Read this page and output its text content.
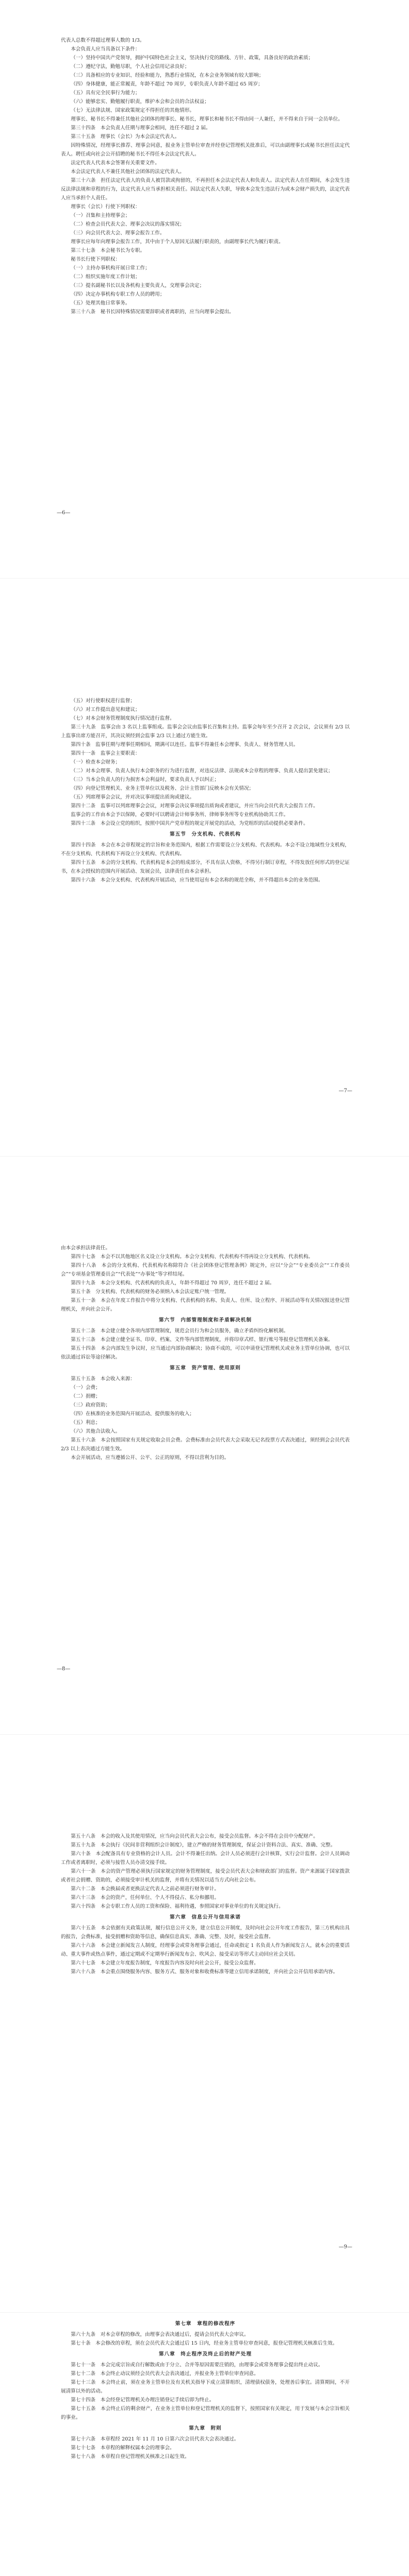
代表人总数不得超过理事人数的 1/3。

本会负责人应当具备以下条件：

（一）坚持中国共产党领导，拥护中国特色社会主义，坚决执行党的路线、方针、政策，具备良好的政治素质；

（二）遵纪守法，勤勉尽职，个人社会信用记录良好；

（三）具备相应的专业知识、经验和能力，熟悉行业情况，在本会业务领域有较大影响；

（四）身体健康，能正常履责，年龄不超过 70 周岁，专职负责人年龄不超过 65 周岁；

（五）具有完全民事行为能力；

（六）能够忠实、勤勉履行职责，维护本会和会员的合法权益；

（七）无法律法规、国家政策规定不得担任的其他情形。

理事长、秘书长不得兼任其他社会团体的理事长、秘书长，理事长和秘书长不得由同一人兼任，并不得来自于同一会员单位。

第三十四条　本会负责人任期与理事会相同，连任不超过 2 届。

第三十五条　理事长（会长）为本会法定代表人。

因特殊情况，经理事长推荐、理事会同意，报业务主管单位审查并经登记管理机关批准后，可以由副理事长或秘书长担任法定代表人。聘任或向社会公开招聘的秘书长不得任本会法定代表人。

法定代表人代表本会签署有关重要文件。

本会法定代表人不兼任其他社会团体的法定代表人。

第三十六条　担任法定代表人的负责人被罚款或拘留的，不再担任本会法定代表人和负责人。法定代表人在任期间，本会发生违反法律法规和章程的行为，法定代表人应当承担相关责任。因法定代表人失职，导致本会发生违法行为或本会财产损失的，法定代表人应当承担个人责任。

理事长（会长）行使下列职权：

（一）召集和主持理事会；

（二）检查会员代表大会、理事会决议的落实情况；

（三）向会员代表大会、理事会报告工作。

理事长应每年向理事会报告工作，其中由于个人原因无法履行职责的，由副理事长代为履行职责。

第三十七条　本会秘书长为专职。

秘书长行使下列职权：

（一）主持办事机构开展日常工作；

（二）组织实施年度工作计划；

（三）提名副秘书长以及各机构主要负责人，交理事会决定；

（四）决定办事机构专职工作人员的聘用；

（五）处理其他日常事务。

第三十八条　秘书长因特殊情况需要辞职或者离职的，应当向理事会提出。

—6—

（五）对行使职权进行监督；

（六）对工作提出意见和建议；

（七）对本会财务管理制度执行情况进行监督。

第三十九条　监事会由 3 名以上监事组成。监事会会议由监事长召集和主持。监事会每年至少召开 2 次会议，会议须有 2/3 以上监事出席方能召开，其决议须经到会监事 2/3 以上通过方能生效。

第四十条　监事任期与理事任期相同，期满可以连任。监事不得兼任本会理事、负责人、财务管理人员。

第四十一条　监事会主要职责：

（一）检查本会财务；

（二）对本会理事、负责人执行本会职务的行为进行监督，对违反法律、法规或本会章程的理事、负责人提出罢免建议；

（三）当本会负责人的行为损害本会利益时，要求负责人予以纠正；

（四）向登记管理机关、业务主管单位以及税务、会计主管部门反映本会有关情况；

（五）列席理事会会议，并对决议事项提出质询或建议。

第四十二条　监事可以列席理事会会议，对理事会决议事项提出质询或者建议，并应当向会员代表大会报告工作。

监事会的工作由本会予以保障，必要时可以聘请会计师事务所、律师事务所等专业机构协助其工作。

第四十三条　本会设立党的组织，按照中国共产党章程的规定开展党的活动，为党组织的活动提供必要条件。

第五节　分支机构、代表机构

第四十四条　本会在本会章程规定的宗旨和业务范围内，根据工作需要设立分支机构、代表机构。本会不设立地域性分支机构，不在分支机构、代表机构下再设立分支机构、代表机构。

第四十五条　本会的分支机构、代表机构是本会的组成部分，不具有法人资格，不得另行制订章程，不得发放任何形式的登记证书，在本会授权的范围内开展活动、发展会员，法律责任由本会承担。

第四十六条　本会分支机构、代表机构开展活动，应当使用冠有本会名称的规范全称，并不得超出本会的业务范围。

—7—

由本会承担法律责任。

第四十七条　本会不以其他地区名义设立分支机构。本会分支机构、代表机构不得再设立分支机构、代表机构。

第四十八条　本会的分支机构、代表机构名称除符合《社会团体登记管理条例》规定外，应以“分会”“专业委员会”“工作委员会”“专项基金管理委员会”“代表处”“办事处”等字样结尾。

第四十九条　本会分支机构、代表机构的负责人，年龄不得超过 70 周岁，连任不超过 2 届。

第五十条　分支机构、代表机构的财务必须纳入本会法定账户统一管理。

第五十一条　本会在年度工作报告中将分支机构、代表机构的名称、负责人、住所、设立程序、开展活动等有关情况报送登记管理机关，并向社会公开。

第六节　内部管理制度和矛盾解决机制

第五十二条　本会建立健全各项内部管理制度，规范会员行为和会员服务，确立矛盾纠纷化解机制。

第五十三条　本会建立健全证书、印章、档案、文件等内部管理制度，并将印章式样、银行账号等报登记管理机关备案。

第五十四条　本会内部发生争议时，应当通过内部协商解决；协商不成的，可以申请登记管理机关或业务主管单位协调，也可以依法通过诉讼等途径解决。

第五章　资产管理、使用原则

第五十五条　本会收入来源：

（一）会费；

（二）捐赠；

（三）政府资助；

（四）在核准的业务范围内开展活动、提供服务的收入；

（五）利息；

（六）其他合法收入。

第五十六条　本会按照国家有关规定收取会员会费。会费标准由会员代表大会采取无记名投票方式表决通过，须经到会会员代表 2/3 以上表决通过方能生效。

本会开展活动，应当遵循公开、公平、公正的原则，不得以营利为目的。

—8—

第五十八条　本会的收入及其使用情况，应当向会员代表大会公布，接受会员监督。本会不得在会员中分配财产。

第五十九条　本会执行《民间非营利组织会计制度》，建立严格的财务管理制度，保证会计资料合法、真实、准确、完整。

第六十条　本会配备具有专业资格的会计人员。会计不得兼任出纳。会计人员必须进行会计核算，实行会计监督。会计人员调动工作或者离职时，必须与接管人员办清交接手续。

第六十一条　本会的资产管理必须执行国家规定的财务管理制度，接受会员代表大会和财政部门的监督。资产来源属于国家拨款或者社会捐赠、资助的，必须接受审计机关的监督，并将有关情况以适当方式向社会公布。

第六十二条　本会换届或者更换法定代表人之前必须进行财务审计。

第六十三条　本会的资产，任何单位、个人不得侵占、私分和挪用。

第六十四条　本会专职工作人员的工资和保险、福利待遇，参照国家对事业单位的有关规定执行。

第六章　信息公开与信用承诺

第六十五条　本会依据有关政策法规，履行信息公开义务，建立信息公开制度，及时向社会公开年度工作报告，第三方机构出具的报告，会费标准，接受捐赠和资助等信息，确保信息真实、准确、完整、及时，接受社会监督。

第六十六条　本会建立新闻发言人制度，经理事会或常务理事会通过，任命或指定 1 名负责人作为新闻发言人，就本会的重要活动、重大事件或热点事件，通过定期或不定期举行新闻发布会、吹风会、接受采访等形式主动回应社会关切。

第六十七条　本会建立年度报告制度，年度报告内容及时向社会公开，接受公众监督。

第六十八条　本会重点围绕服务内容、服务方式、服务对象和收费标准等建立信用承诺制度，并向社会公开信用承诺内容。

—9—

第七章　章程的修改程序

第六十九条　对本会章程的修改，由理事会表决通过后，提请会员代表大会审议。

第七十条　本会修改的章程，须在会员代表大会通过后 15 日内，经业务主管单位审查同意，报登记管理机关核准后生效。

第八章　终止程序及终止后的财产处理

第七十一条　本会完成宗旨或自行解散或由于分立、合并等原因需要注销的，由理事会或常务理事会提出终止动议。

第七十二条　本会终止动议须经会员代表大会表决通过，并报业务主管单位审查同意。

第七十三条　本会终止前，须在业务主管单位及有关机关指导下成立清算组织，清理债权债务，处理善后事宜。清算期间，不开展清算以外的活动。

第七十四条　本会经登记管理机关办理注销登记手续后即为终止。

第七十五条　本会终止后的剩余财产，在业务主管单位和登记管理机关的监督下，按照国家有关规定，用于发展与本会宗旨相关的事业。

第九章　附则

第七十六条　本章程经 2021 年 11 月 10 日第六次会员代表大会表决通过。

第七十七条　本章程的解释权属本会的理事会。

第七十八条　本章程自登记管理机关核准之日起生效。
